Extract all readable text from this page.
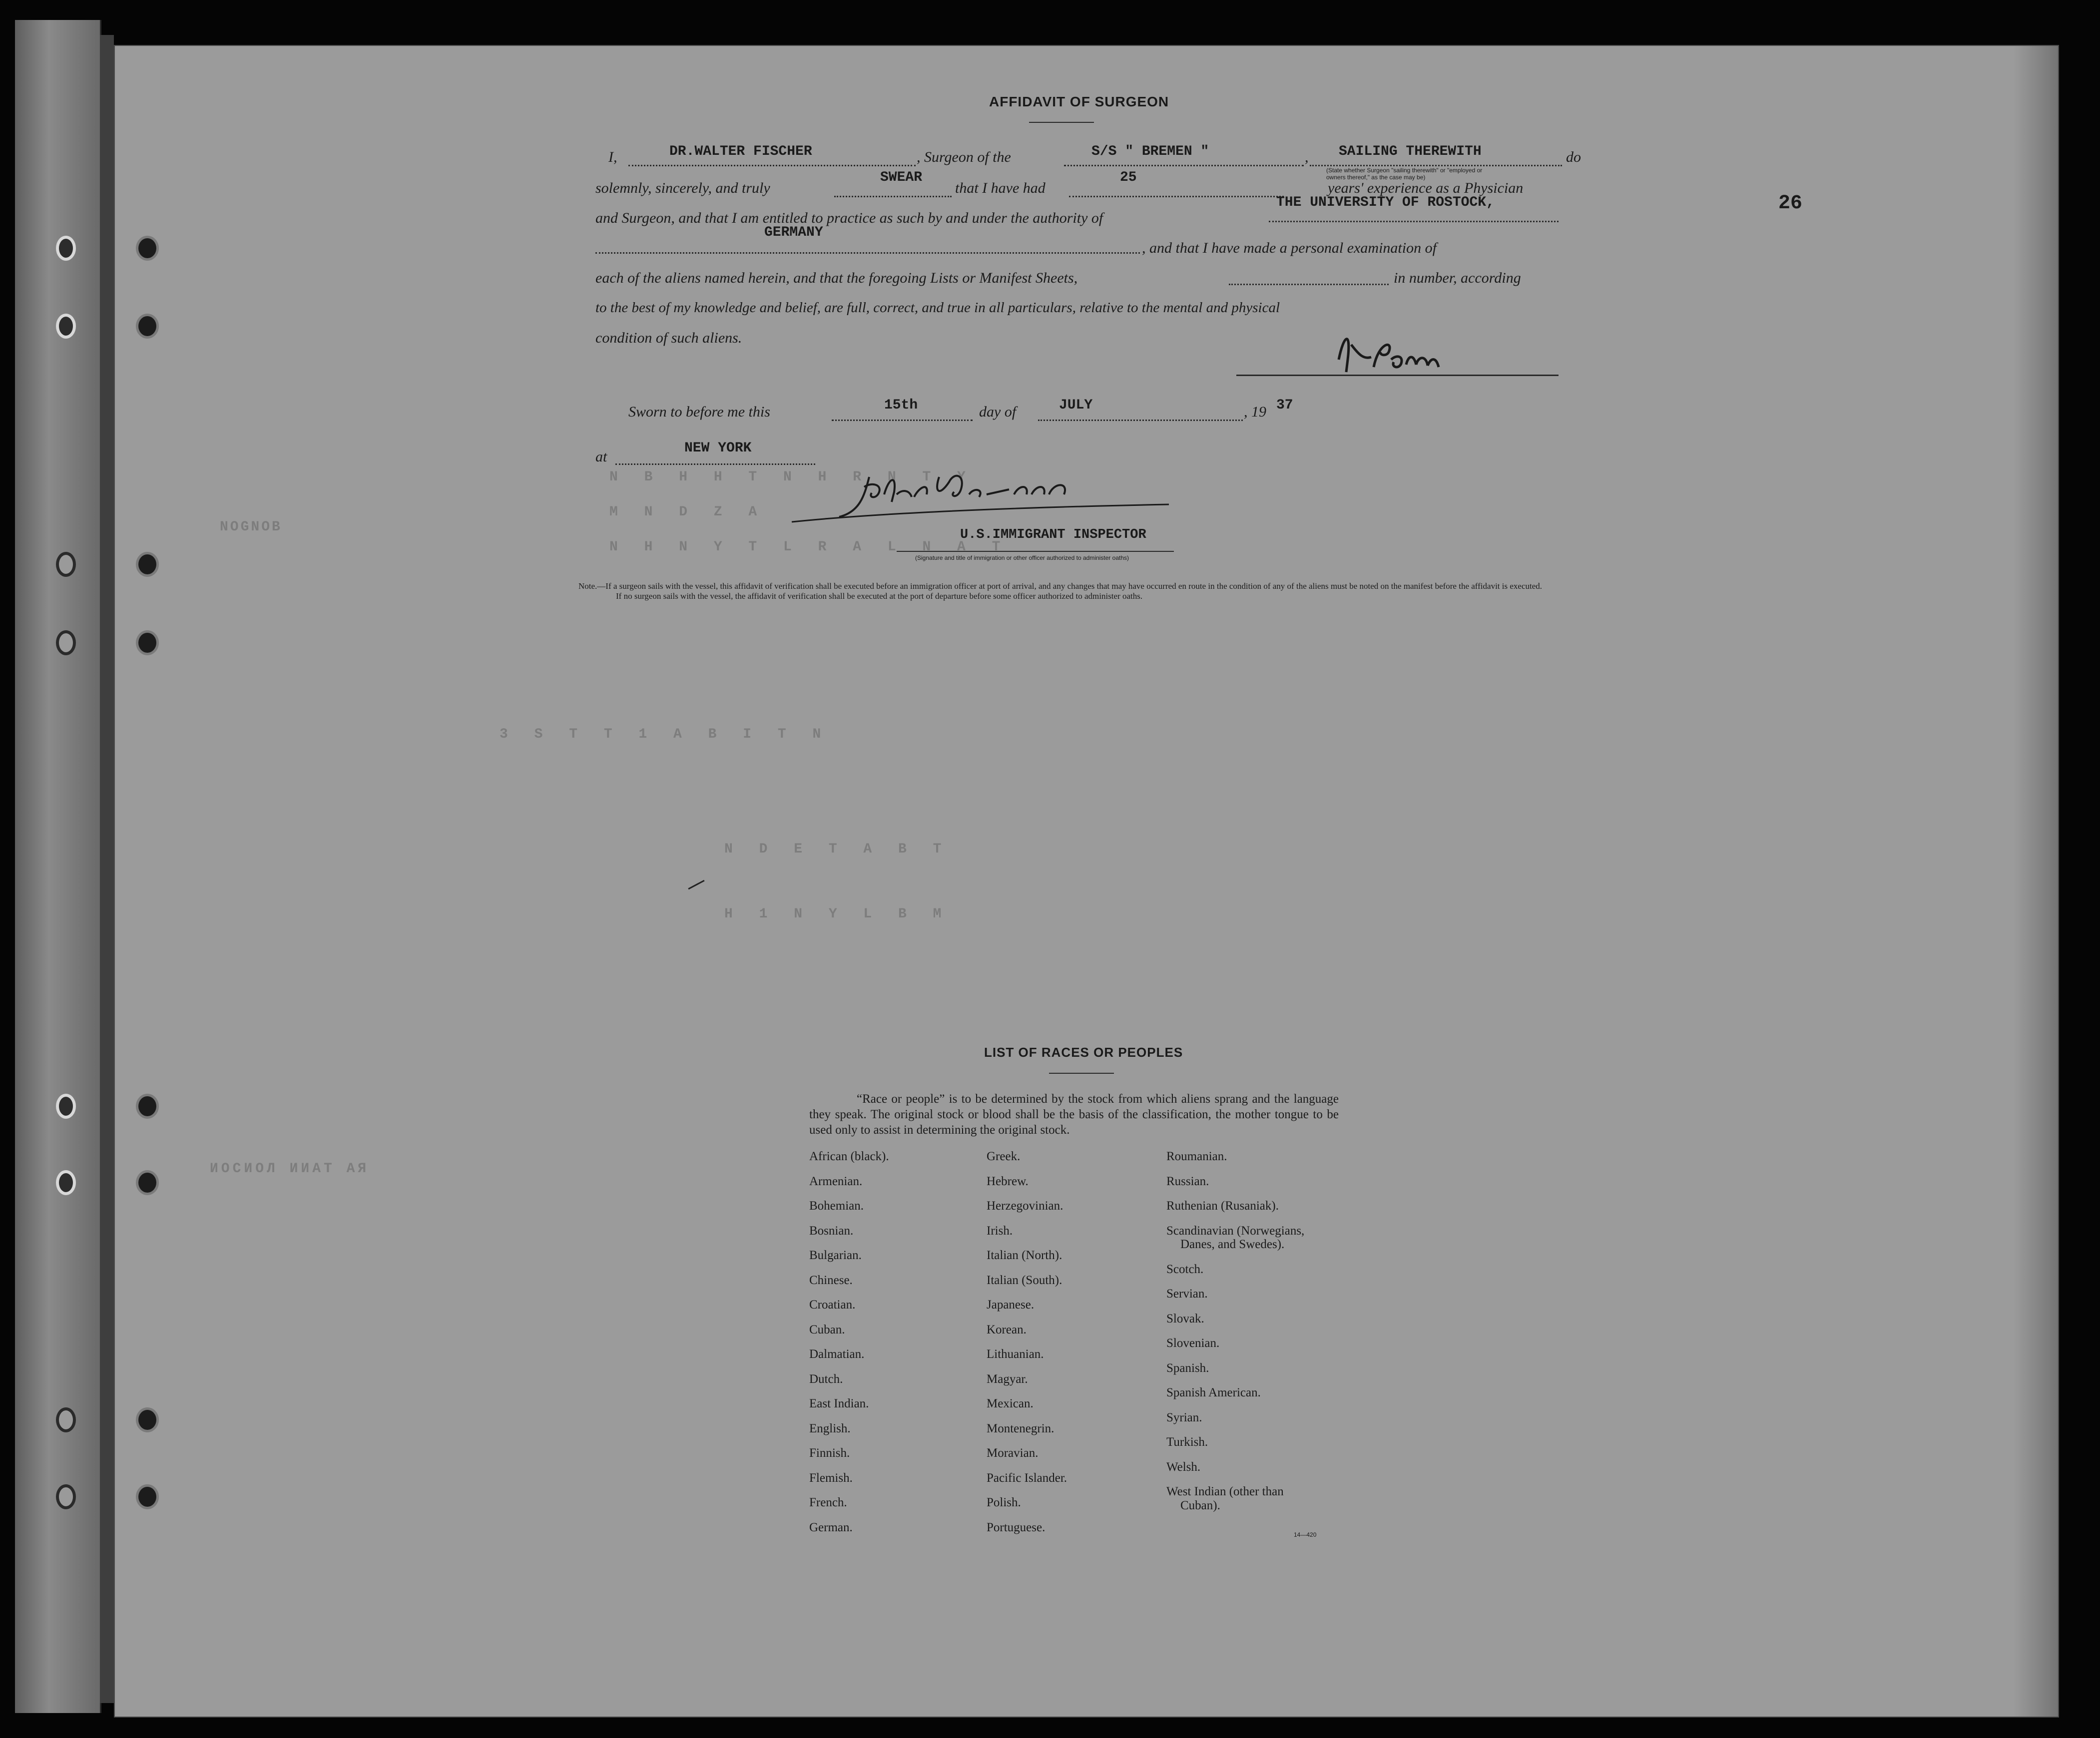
N B H H T N H R N T Y
M N D Z A
N H N Y T L R A L N A T
NOGNOB
3 S T T 1 A B I T N
N D E T A B T
H 1 N Y L B M
ИОСИОЛ ИИАТ АЯ
26
AFFIDAVIT OF SURGEON
I,	DR.WALTER FISCHER	, Surgeon of the	S/S " BREMEN "	, SAILING THEREWITH	do
(State whether Surgeon "sailing therewith" or "employed or owners thereof," as the case may be)
solemnly, sincerely, and truly
SWEAR
that I have had
25
years' experience as a Physician
and Surgeon, and that I am entitled to practice as such by and under the authority of
THE UNIVERSITY OF ROSTOCK,
GERMANY
, and that I have made a personal examination of
each of the aliens named herein, and that the foregoing Lists or Manifest Sheets,	in number, according
to the best of my knowledge and belief, are full, correct, and true in all particulars, relative to the mental and physical
condition of such aliens.
Sworn to before me this	15th	day of	JULY	, 19 37
at
NEW YORK
U.S.IMMIGRANT INSPECTOR
(Signature and title of immigration or other officer authorized to administer oaths)
Note.—If a surgeon sails with the vessel, this affidavit of verification shall be executed before an immigration officer at port of arrival, and any changes that may have occurred en route in the condition of any of the aliens must be noted on the manifest before the affidavit is executed.
If no surgeon sails with the vessel, the affidavit of verification shall be executed at the port of departure before some officer authorized to administer oaths.
LIST OF RACES OR PEOPLES
“Race or people” is to be determined by the stock from which aliens sprang and the language they speak. The original stock or blood shall be the basis of the classification, the mother tongue to be used only to assist in determining the original stock.
African (black).
Armenian.
Bohemian.
Bosnian.
Bulgarian.
Chinese.
Croatian.
Cuban.
Dalmatian.
Dutch.
East Indian.
English.
Finnish.
Flemish.
French.
German.
Greek.
Hebrew.
Herzegovinian.
Irish.
Italian (North).
Italian (South).
Japanese.
Korean.
Lithuanian.
Magyar.
Mexican.
Montenegrin.
Moravian.
Pacific Islander.
Polish.
Portuguese.
Roumanian.
Russian.
Ruthenian (Rusaniak).
Scandinavian (Norwegians,
Danes, and Swedes).
Scotch.
Servian.
Slovak.
Slovenian.
Spanish.
Spanish American.
Syrian.
Turkish.
Welsh.
West Indian (other than
Cuban).
14—420
